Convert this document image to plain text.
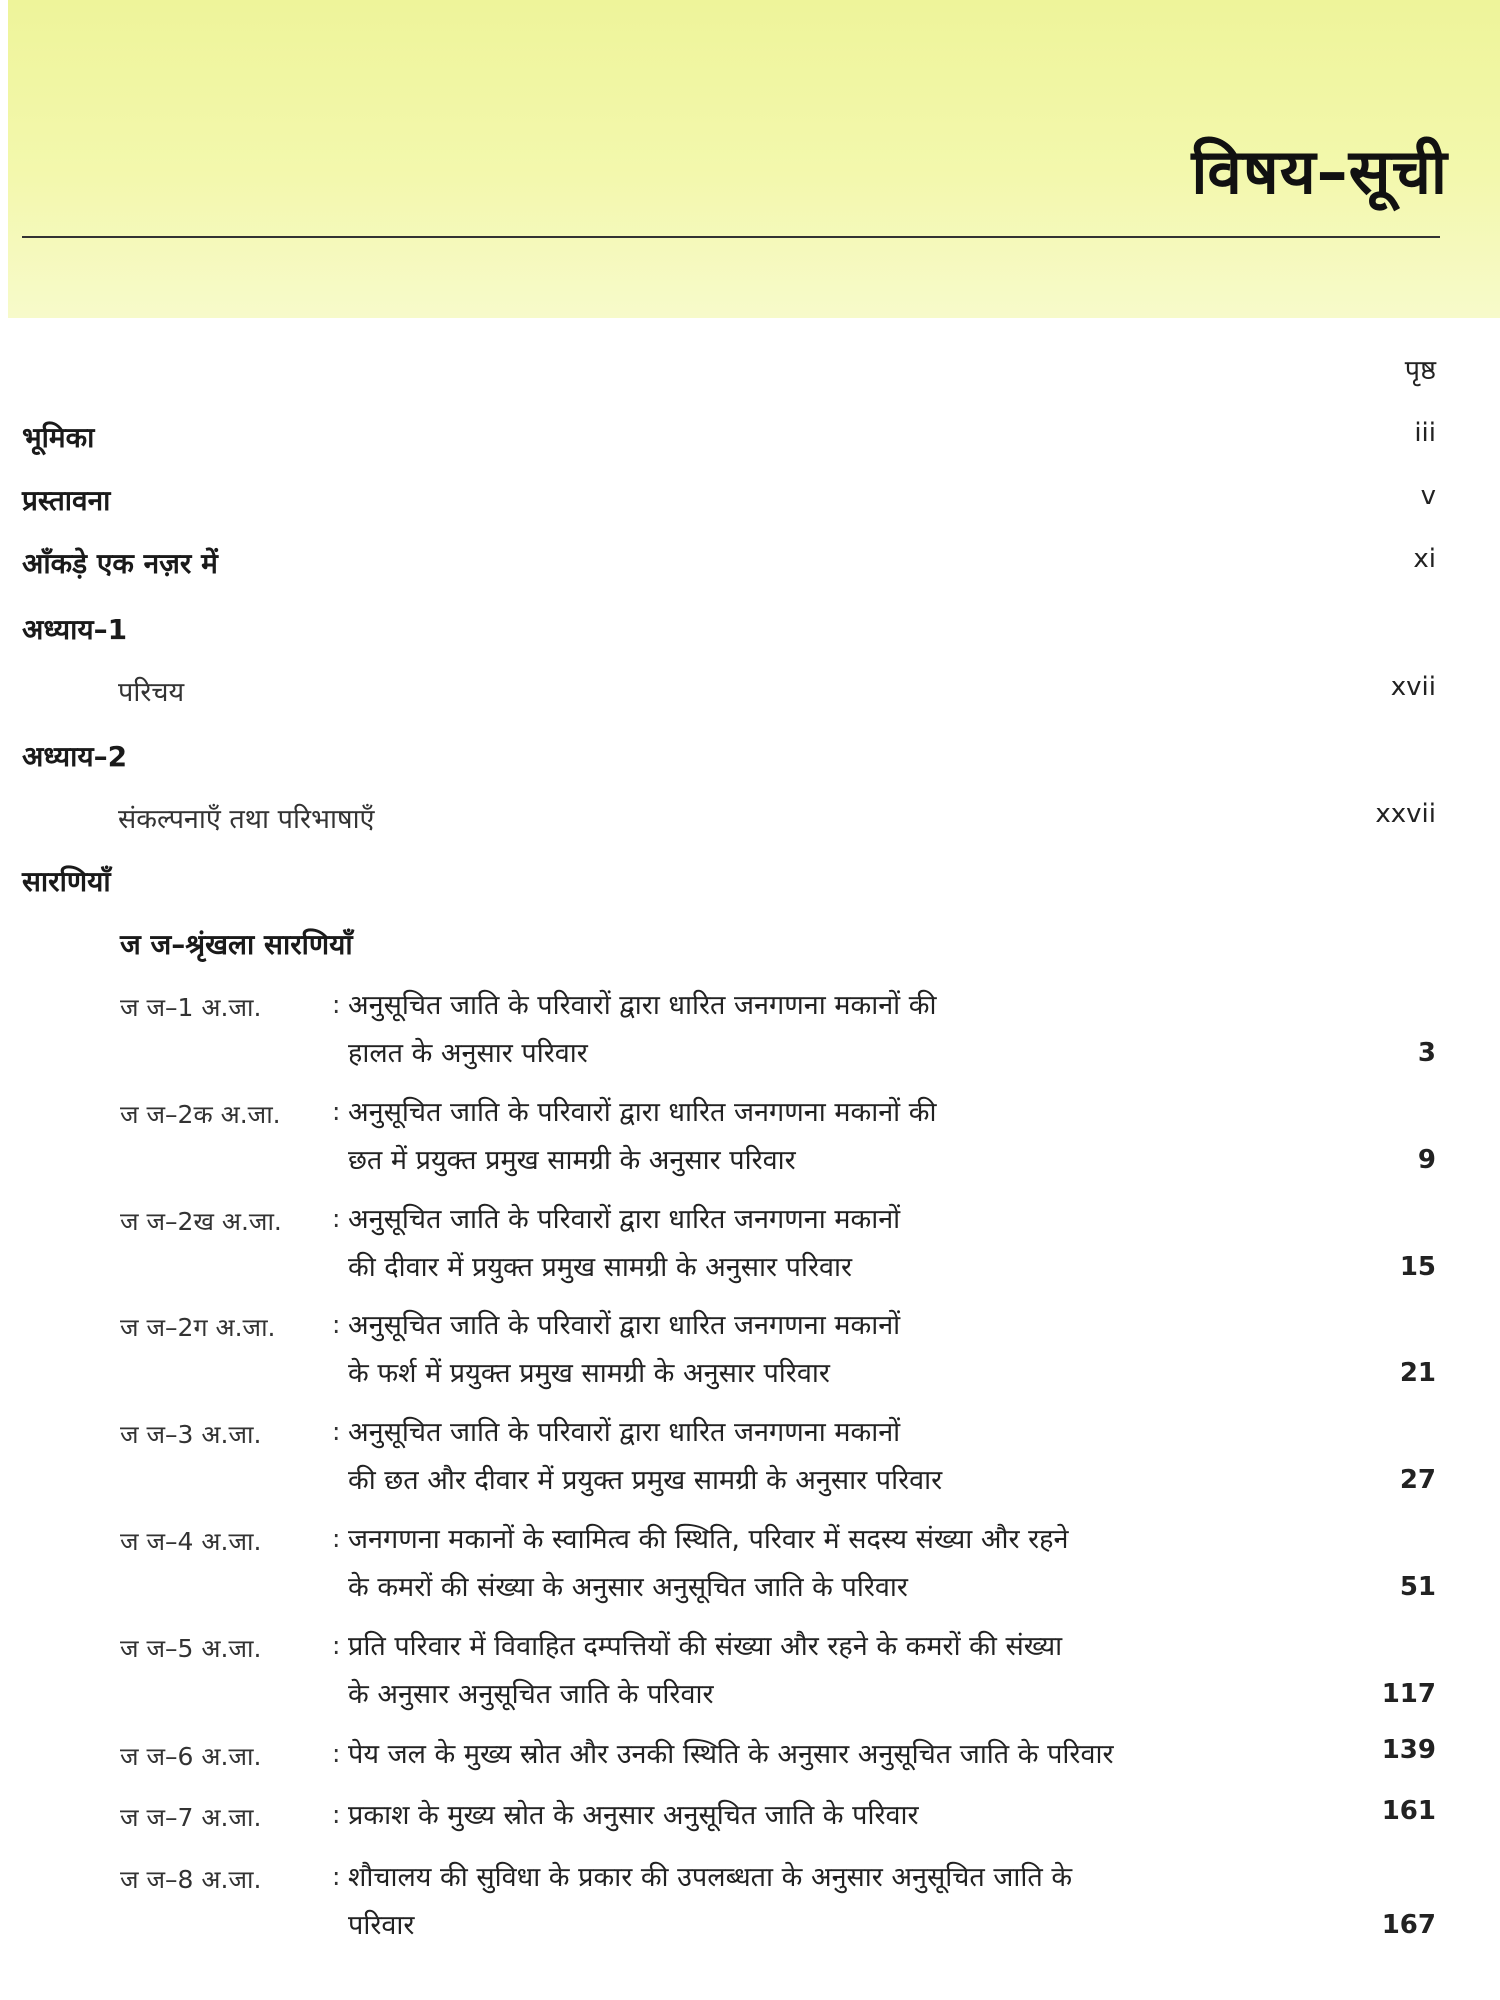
विषय–सूची
पृष्ठ
भूमिका	iii
प्रस्तावना	v
आँकड़े एक नज़र में	xi
अध्याय–1
परिचय	xvii
अध्याय–2
संकल्पनाएँ तथा परिभाषाएँ	xxvii
सारणियाँ
ज ज–श्रृंखला सारणियाँ
ज ज–1 अ.जा.	: अनुसूचित जाति के परिवारों द्वारा धारित जनगणना मकानों की
हालत के अनुसार परिवार	3
ज ज–2क अ.जा. : अनुसूचित जाति के परिवारों द्वारा धारित जनगणना मकानों की
छत में प्रयुक्त प्रमुख सामग्री के अनुसार परिवार	9
ज ज–2ख अ.जा. : अनुसूचित जाति के परिवारों द्वारा धारित जनगणना मकानों
की दीवार में प्रयुक्त प्रमुख सामग्री के अनुसार परिवार	15
ज ज–2ग अ.जा. : अनुसूचित जाति के परिवारों द्वारा धारित जनगणना मकानों
के फर्श में प्रयुक्त प्रमुख सामग्री के अनुसार परिवार	21
ज ज–3 अ.जा.	: अनुसूचित जाति के परिवारों द्वारा धारित जनगणना मकानों
की छत और दीवार में प्रयुक्त प्रमुख सामग्री के अनुसार परिवार	27
ज ज–4 अ.जा.	: जनगणना मकानों के स्वामित्व की स्थिति, परिवार में सदस्य संख्या और रहने
के कमरों की संख्या के अनुसार अनुसूचित जाति के परिवार	51
ज ज–5 अ.जा.	: प्रति परिवार में विवाहित दम्पत्तियों की संख्या और रहने के कमरों की संख्या
के अनुसार अनुसूचित जाति के परिवार	117
ज ज–6 अ.जा.	: पेय जल के मुख्य स्रोत और उनकी स्थिति के अनुसार अनुसूचित जाति के परिवार	139
ज ज–7 अ.जा.	: प्रकाश के मुख्य स्रोत के अनुसार अनुसूचित जाति के परिवार	161
ज ज–8 अ.जा.	: शौचालय की सुविधा के प्रकार की उपलब्धता के अनुसार अनुसूचित जाति के
परिवार	167
